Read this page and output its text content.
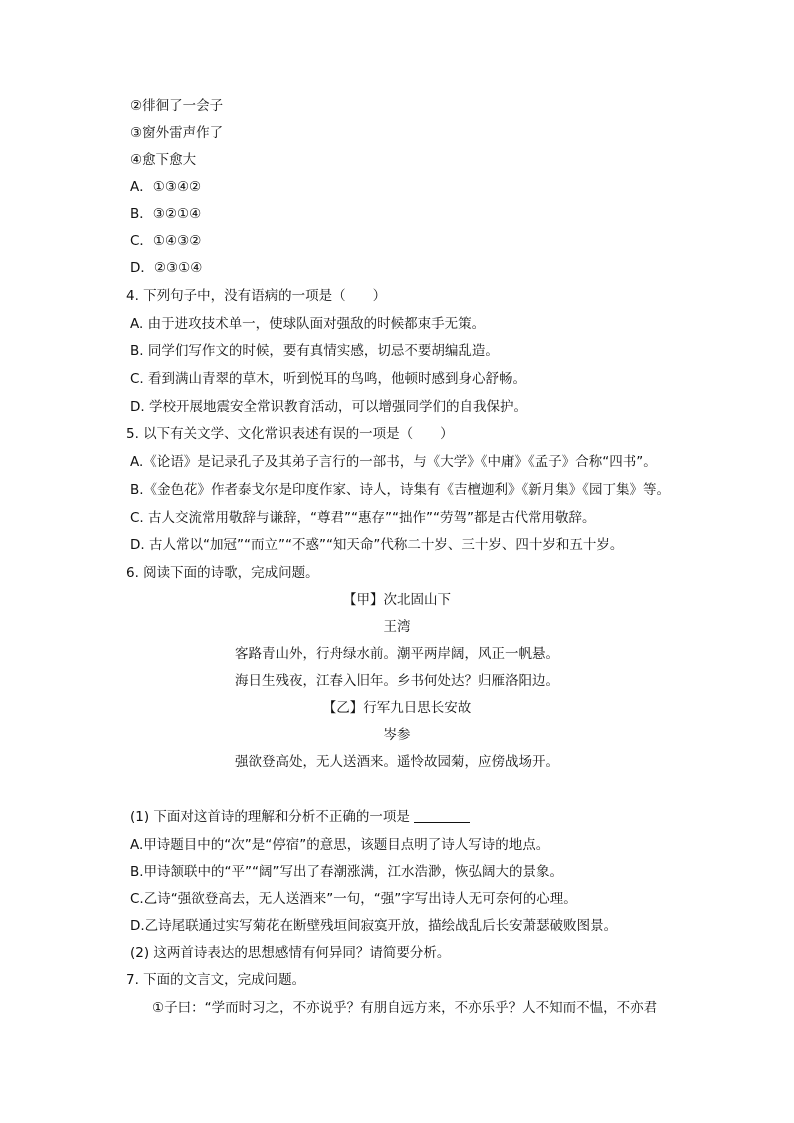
②徘徊了一会子
③窗外雷声作了
④愈下愈大
A．①③④②
B．③②①④
C．①④③②
D．②③①④
4. 下列句子中，没有语病的一项是（　　）
A. 由于进攻技术单一，使球队面对强敌的时候都束手无策。
B. 同学们写作文的时候，要有真情实感，切忌不要胡编乱造。
C. 看到满山青翠的草木，听到悦耳的鸟鸣，他顿时感到身心舒畅。
D. 学校开展地震安全常识教育活动，可以增强同学们的自我保护。
5. 以下有关文学、文化常识表述有误的一项是（　　）
A.《论语》是记录孔子及其弟子言行的一部书，与《大学》《中庸》《孟子》合称“四书”。
B.《金色花》作者泰戈尔是印度作家、诗人，诗集有《吉檀迦利》《新月集》《园丁集》等。
C. 古人交流常用敬辞与谦辞，“尊君”“惠存”“拙作”“劳驾”都是古代常用敬辞。
D. 古人常以“加冠”“而立”“不惑”“知天命”代称二十岁、三十岁、四十岁和五十岁。
6. 阅读下面的诗歌，完成问题。
【甲】次北固山下
王湾
客路青山外，行舟绿水前。潮平两岸阔，风正一帆悬。
海日生残夜，江春入旧年。乡书何处达？归雁洛阳边。
【乙】行军九日思长安故
岑参
强欲登高处，无人送酒来。遥怜故园菊，应傍战场开。
(1) 下面对这首诗的理解和分析不正确的一项是
A.甲诗题目中的“次”是“停宿”的意思，该题目点明了诗人写诗的地点。
B.甲诗颔联中的“平”“阔”写出了春潮涨满，江水浩渺，恢弘阔大的景象。
C.乙诗“强欲登高去，无人送酒来”一句，“强”字写出诗人无可奈何的心理。
D.乙诗尾联通过实写菊花在断壁残垣间寂寞开放，描绘战乱后长安萧瑟破败图景。
(2) 这两首诗表达的思想感情有何异同？请简要分析。
7. 下面的文言文，完成问题。
①子曰：“学而时习之，不亦说乎？有朋自远方来，不亦乐乎？人不知而不愠，不亦君
